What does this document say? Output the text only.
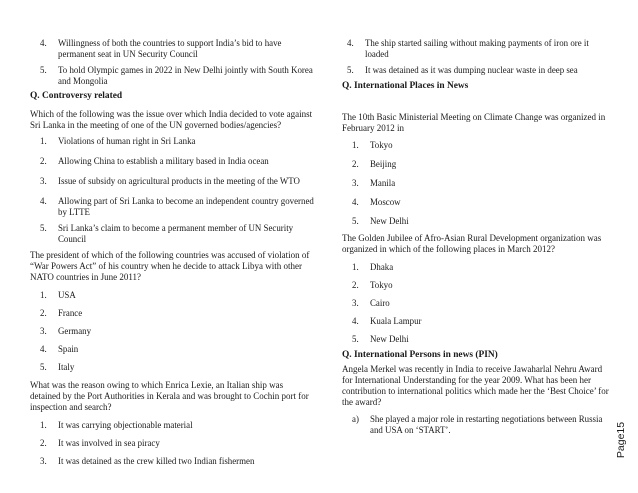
4. Willingness of both the countries to support India’s bid to have permanent seat in UN Security Council
5. To hold Olympic games in 2022 in New Delhi jointly with South Korea and Mongolia
Q. Controversy related
Which of the following was the issue over which India decided to vote against Sri Lanka in the meeting of one of the UN governed bodies/agencies?
1. Violations of human right in Sri Lanka
2. Allowing China to establish a military based in India ocean
3. Issue of subsidy on agricultural products in the meeting of the WTO
4. Allowing part of Sri Lanka to become an independent country governed by LTTE
5. Sri Lanka’s claim to become a permanent member of UN Security Council
The president of which of the following countries was accused of violation of “War Powers Act” of his country when he decide to attack Libya with other NATO countries in June 2011?
1. USA
2. France
3. Germany
4. Spain
5. Italy
What was the reason owing to which Enrica Lexie, an Italian ship was detained by the Port Authorities in Kerala and was brought to Cochin port for inspection and search?
1. It was carrying objectionable material
2. It was involved in sea piracy
3. It was detained as the crew killed two Indian fishermen
4. The ship started sailing without making payments of iron ore it loaded
5. It was detained as it was dumping nuclear waste in deep sea
Q. International Places in News
The 10th Basic Ministerial Meeting on Climate Change was organized in February 2012 in
1. Tokyo
2. Beijing
3. Manila
4. Moscow
5. New Delhi
The Golden Jubilee of Afro-Asian Rural Development organization was organized in which of the following places in March 2012?
1. Dhaka
2. Tokyo
3. Cairo
4. Kuala Lampur
5. New Delhi
Q. International Persons in news (PIN)
Angela Merkel was recently in India to receive Jawaharlal Nehru Award for International Understanding for the year 2009. What has been her contribution to international politics which made her the ‘Best Choice’ for the award?
a) She played a major role in restarting negotiations between Russia and USA on ‘START’.	Page15
